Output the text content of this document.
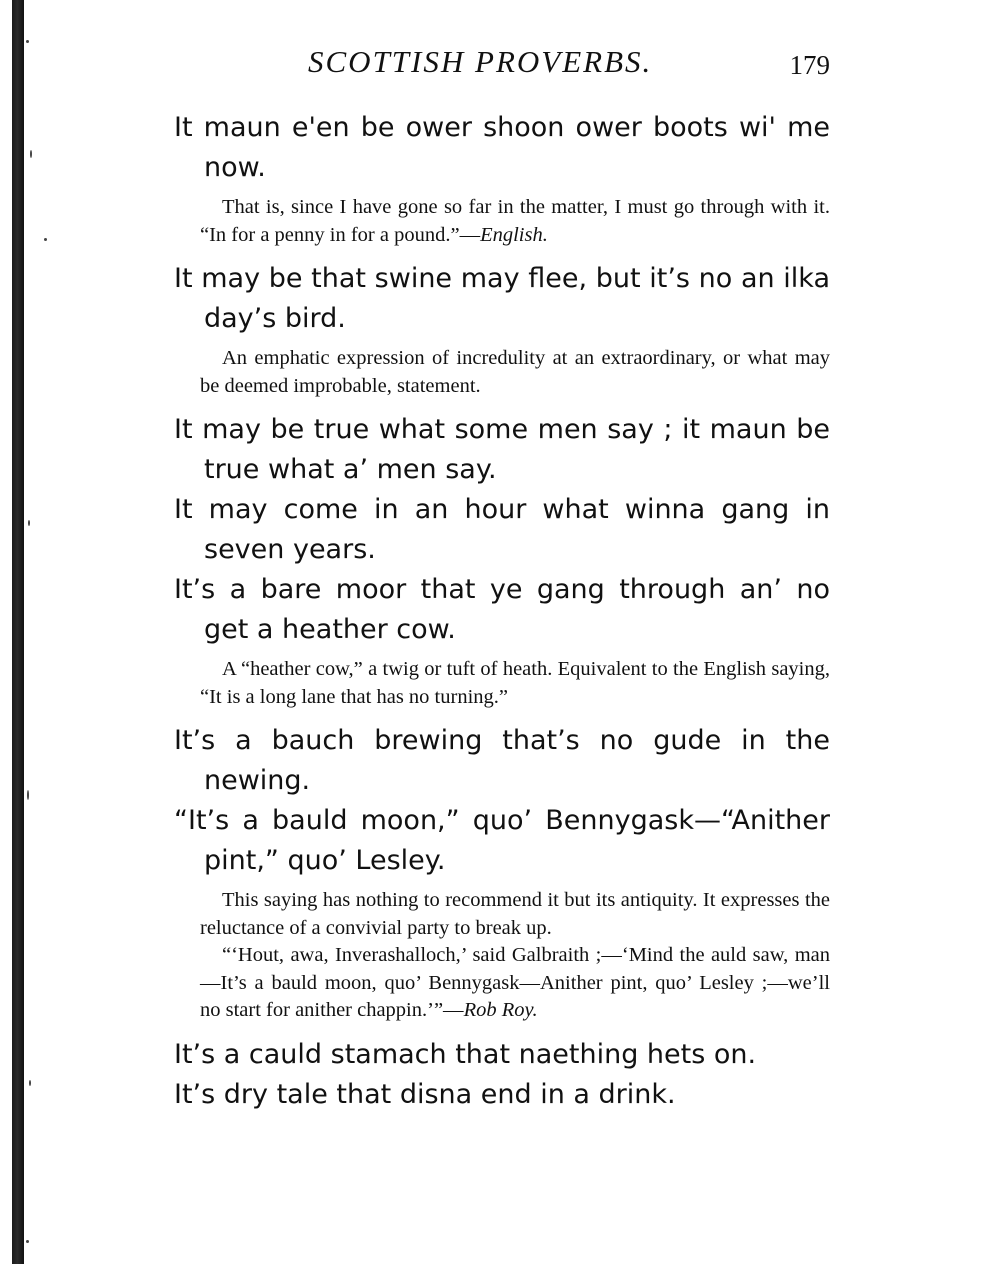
SCOTTISH PROVERBS.	179

It maun e'en be ower shoon ower boots wi' me now.

That is, since I have gone so far in the matter, I must go through with it. “In for a penny in for a pound.”—English.

It may be that swine may flee, but it’s no an ilka day’s bird.

An emphatic expression of incredulity at an extraordinary, or what may be deemed improbable, statement.

It may be true what some men say ; it maun be true what a’ men say.

It may come in an hour what winna gang in seven years.

It’s a bare moor that ye gang through an’ no get a heather cow.

A “heather cow,” a twig or tuft of heath. Equivalent to the English saying, “It is a long lane that has no turning.”

It’s a bauch brewing that’s no gude in the newing.

“It’s a bauld moon,” quo’ Bennygask—“Anither pint,” quo’ Lesley.

This saying has nothing to recommend it but its antiquity. It expresses the reluctance of a convivial party to break up.

“‘Hout, awa, Inverashalloch,’ said Galbraith ;—‘Mind the auld saw, man—It’s a bauld moon, quo’ Bennygask—Anither pint, quo’ Lesley ;—we’ll no start for anither chappin.’”—Rob Roy.

It’s a cauld stamach that naething hets on.

It’s dry tale that disna end in a drink.
